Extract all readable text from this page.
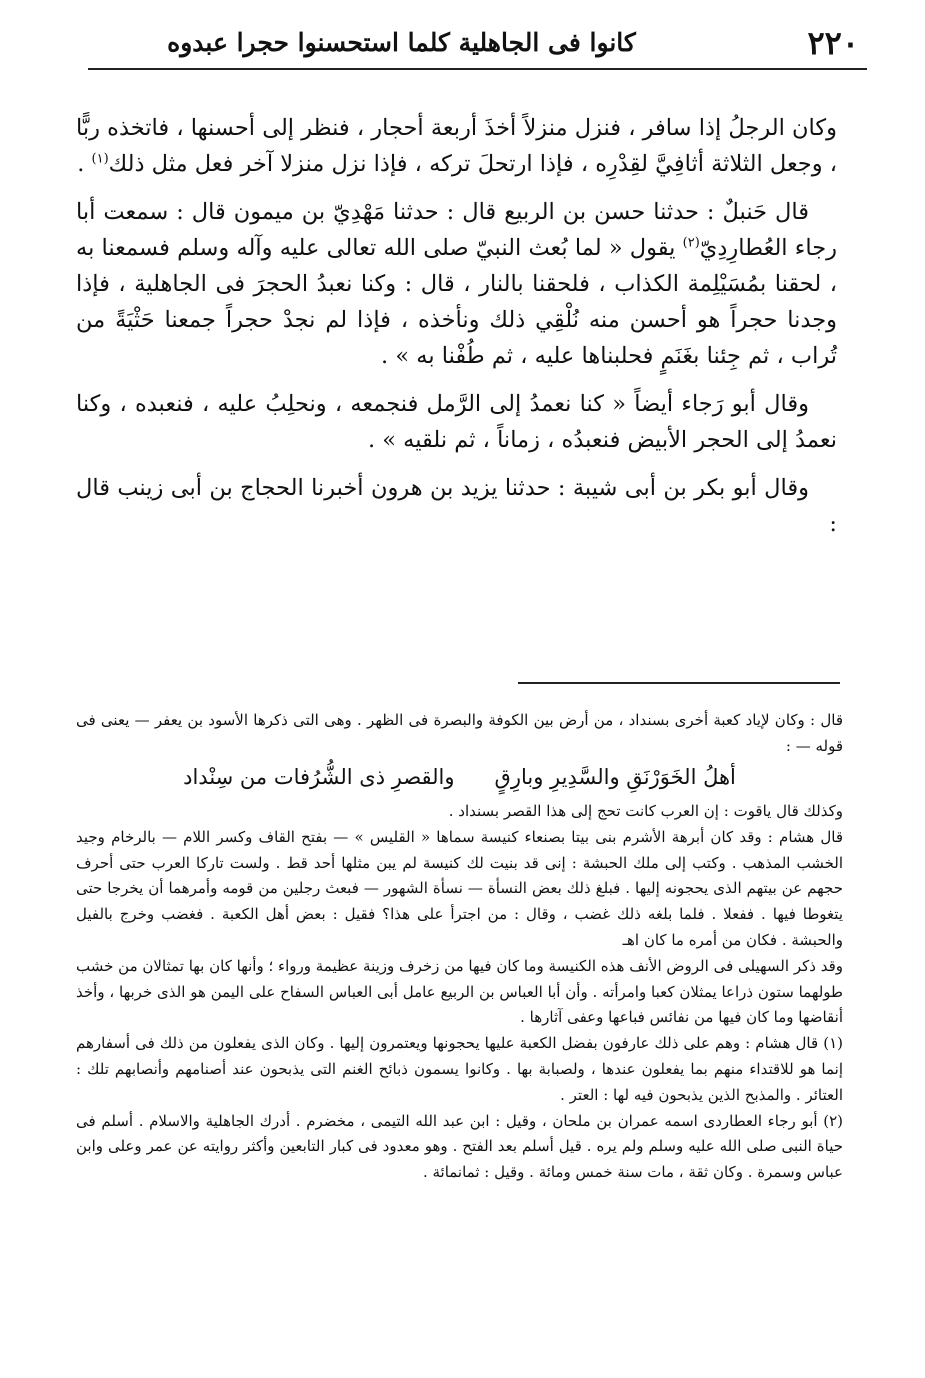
٢٢٠
كانوا فى الجاهلية كلما استحسنوا حجرا عبدوه

وكان الرجلُ إذا سافر ، فنزل منزلاً أخذَ أربعة أحجار ، فنظر إلى أحسنها ، فاتخذه ربًّا ، وجعل الثلاثة أثافِيَّ لقِدْرِه ، فإذا ارتحلَ تركه ، فإذا نزل منزلا آخر فعل مثل ذلك$^{(١)}$ .

قال حَنبلٌ : حدثنا حسن بن الربيع قال : حدثنا مَهْدِيّ بن ميمون قال : سمعت أبا رجاء العُطارِدِيّ$^{(٢)}$ يقول « لما بُعث النبيّ صلى الله تعالى عليه وآله وسلم فسمعنا به ، لحقنا بمُسَيْلِمة الكذاب ، فلحقنا بالنار ، قال : وكنا نعبدُ الحجرَ فى الجاهلية ، فإذا وجدنا حجراً هو أحسن منه نُلْقِي ذلك ونأخذه ، فإذا لم نجدْ حجراً جمعنا حَثْيَةً من تُراب ، ثم جِئنا بغَنَمٍ فحلبناها عليه ، ثم طُفْنا به » .

وقال أبو رَجاء أيضاً « كنا نعمدُ إلى الرَّمل فنجمعه ، ونحلِبُ عليه ، فنعبده ، وكنا نعمدُ إلى الحجر الأبيض فنعبدُه ، زماناً ، ثم نلقيه » .

وقال أبو بكر بن أبى شيبة : حدثنا يزيد بن هرون أخبرنا الحجاج بن أبى زينب قال :

قال : وكان لإياد كعبة أخرى بسنداد ، من أرض بين الكوفة والبصرة فى الظهر . وهى التى ذكرها الأسود بن يعفر — يعنى فى قوله — :

أهلُ الخَوَرْنَقِ والسَّدِيرِ وبارِقٍ
والقصرِ ذى الشُّرُفات من سِنْداد

وكذلك قال ياقوت : إن العرب كانت تحج إلى هذا القصر بسنداد .

قال هشام : وقد كان أبرهة الأشرم بنى بيتا بصنعاء كنيسة سماها « القليس » — بفتح القاف وكسر اللام — بالرخام وجيد الخشب المذهب . وكتب إلى ملك الحبشة : إنى قد بنيت لك كنيسة لم يبن مثلها أحد قط . ولست تاركا العرب حتى أحرف حجهم عن بيتهم الذى يحجونه إليها . فبلغ ذلك بعض النسأة — نسأة الشهور — فبعث رجلين من قومه وأمرهما أن يخرجا حتى يتغوطا فيها . ففعلا . فلما بلغه ذلك غضب ، وقال : من اجترأ على هذا؟ فقيل : بعض أهل الكعبة . فغضب وخرج بالفيل والحبشة . فكان من أمره ما كان اهـ

وقد ذكر السهيلى فى الروض الأنف هذه الكنيسة وما كان فيها من زخرف وزينة عظيمة ورواء ؛ وأنها كان بها تمثالان من خشب طولهما ستون ذراعا يمثلان كعبا وامرأته . وأن أبا العباس بن الربيع عامل أبى العباس السفاح على اليمن هو الذى خربها ، وأخذ أنقاضها وما كان فيها من نفائس فباعها وعفى آثارها .

(١) قال هشام : وهم على ذلك عارفون بفضل الكعبة عليها يحجونها ويعتمرون إليها . وكان الذى يفعلون من ذلك فى أسفارهم إنما هو للاقتداء منهم بما يفعلون عندها ، ولصبابة بها . وكانوا يسمون ذبائح الغنم التى يذبحون عند أصنامهم وأنصابهم تلك : العتائر . والمذبح الذين يذبحون فيه لها : العتر .

(٢) أبو رجاء العطاردى اسمه عمران بن ملحان ، وقيل : ابن عبد الله التيمى ، مخضرم . أدرك الجاهلية والاسلام . أسلم فى حياة النبى صلى الله عليه وسلم ولم يره . قيل أسلم بعد الفتح . وهو معدود فى كبار التابعين وأكثر روايته عن عمر وعلى وابن عباس وسمرة . وكان ثقة ، مات سنة خمس ومائة . وقيل : ثمانمائة .
